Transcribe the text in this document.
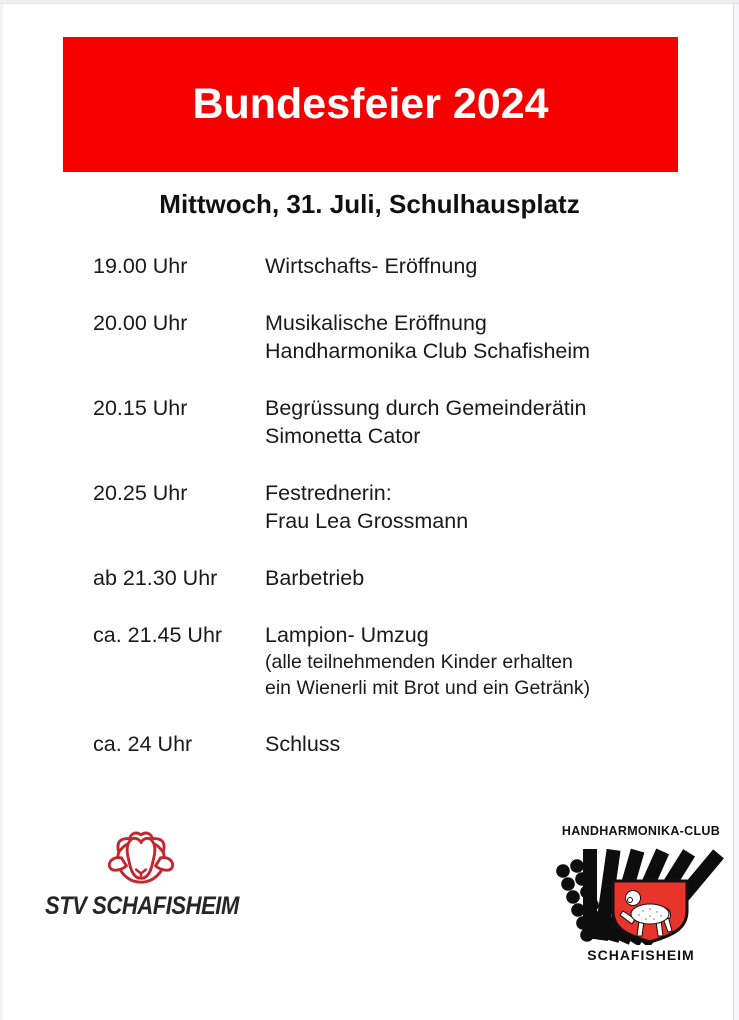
Bundesfeier 2024
Mittwoch, 31. Juli, Schulhausplatz
19.00 Uhr	Wirtschafts- Eröffnung
20.00 Uhr	Musikalische Eröffnung
Handharmonika Club Schafisheim
20.15 Uhr	Begrüssung durch Gemeinderätin
Simonetta Cator
20.25 Uhr	Festrednerin:
Frau Lea Grossmann
ab 21.30 Uhr	Barbetrieb
ca. 21.45 Uhr	Lampion- Umzug
(alle teilnehmenden Kinder erhalten
ein Wienerli mit Brot und ein Getränk)
ca. 24 Uhr	Schluss
STV SCHAFISHEIM
HANDHARMONIKA-CLUB
SCHAFISHEIM
